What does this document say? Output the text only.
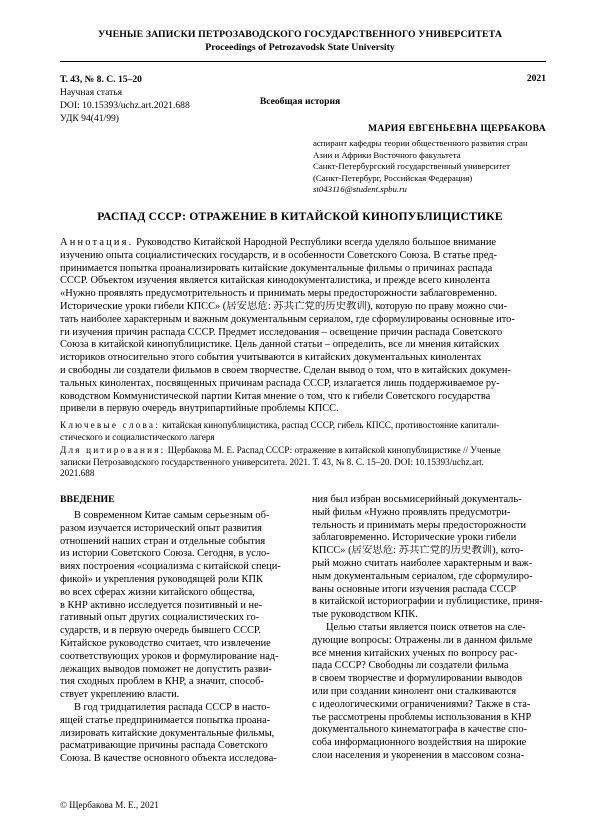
УЧЕНЫЕ ЗАПИСКИ ПЕТРОЗАВОДСКОГО ГОСУДАРСТВЕННОГО УНИВЕРСИТЕТА
Proceedings of Petrozavodsk State University
Т. 43, № 8. С. 15–20	2021
Научная статья
Всеобщая история
DOI: 10.15393/uchz.art.2021.688
УДК 94(41/99)
МАРИЯ ЕВГЕНЬЕВНА ЩЕРБАКОВА
аспирант кафедры теории общественного развития стран
Азии и Африки Восточного факультета
Санкт-Петербургский государственный университет
(Санкт-Петербург, Российская Федерация)
st043116@student.spbu.ru
РАСПАД СССР: ОТРАЖЕНИЕ В КИТАЙСКОЙ КИНОПУБЛИЦИСТИКЕ
Аннотация. Руководство Китайской Народной Республики всегда уделяло большое внимание
изучению опыта социалистических государств, и в особенности Советского Союза. В статье пред-
принимается попытка проанализировать китайские документальные фильмы о причинах распада
СССР. Объектом изучения является китайская кинодокументалистика, и прежде всего кинолента
«Нужно проявлять предусмотрительность и принимать меры предосторожности заблаговременно.
Исторические уроки гибели КПСС» (居安思危: 苏共亡党的历史教训), которую по праву можно счи-
тать наиболее характерным и важным документальным сериалом, где сформулированы основные ито-
ги изучения причин распада СССР. Предмет исследования – освещение причин распада Советского
Союза в китайской кинопублицистике. Цель данной статьи – определить, все ли мнения китайских
историков относительно этого события учитываются в китайских документальных кинолентах
и свободны ли создатели фильмов в своем творчестве. Сделан вывод о том, что в китайских докумен-
тальных кинолентах, посвященных причинам распада СССР, излагается лишь поддерживаемое ру-
ководством Коммунистической партии Китая мнение о том, что к гибели Советского государства
привели в первую очередь внутрипартийные проблемы КПСС.
Ключевые слова: китайская кинопублицистика, распад СССР, гибель КПСС, противостояние капитали-
стического и социалистического лагеря
Для цитирования: Щербакова М. Е. Распад СССР: отражение в китайской кинопублицистике // Ученые
записки Петрозаводского государственного университета. 2021. Т. 43, № 8. С. 15–20. DOI: 10.15393/uchz.art.
2021.688
ВВЕДЕНИЕ
В современном Китае самым серьезным об-
разом изучается исторический опыт развития
отношений наших стран и отдельные события
из истории Советского Союза. Сегодня, в усло-
виях построения «социализма с китайской специ-
фикой» и укрепления руководящей роли КПК
во всех сферах жизни китайского общества,
в КНР активно исследуется позитивный и не-
гативный опыт других социалистических го-
сударств, и в первую очередь бывшего СССР.
Китайское руководство считает, что извлечение
соответствующих уроков и формулирование над-
лежащих выводов поможет не допустить разви-
тия сходных проблем в КНР, а значит, способ-
ствует укреплению власти.
В год тридцатилетия распада СССР в насто-
ящей статье предпринимается попытка проана-
лизировать китайские документальные фильмы,
расматривающие причины распада Советского
Союза. В качестве основного объекта исследова-
ния был избран восьмисерийный документаль-
ный фильм «Нужно проявлять предусмотри-
тельность и принимать меры предосторожности
заблаговременно. Исторические уроки гибели
КПСС» (居安思危: 苏共亡党的历史教训), кото-
рый можно считать наиболее характерным и важ-
ным документальным сериалом, где сформулиро-
ваны основные итоги изучения распада СССР
в китайской историографии и публицистике, приня-
тые руководством КПК.
Целью статьи является поиск ответов на сле-
дующие вопросы: Отражены ли в данном фильме
все мнения китайских ученых по вопросу рас-
пада СССР? Свободны ли создатели фильма
в своем творчестве и формулировании выводов
или при создании кинолент они сталкиваются
с идеологическими ограничениями? Также в ста-
тье рассмотрены проблемы использования в КНР
документального кинематографа в качестве спо-
соба информационного воздействия на широкие
слои населения и укоренения в массовом созна-
© Щербакова М. Е., 2021
